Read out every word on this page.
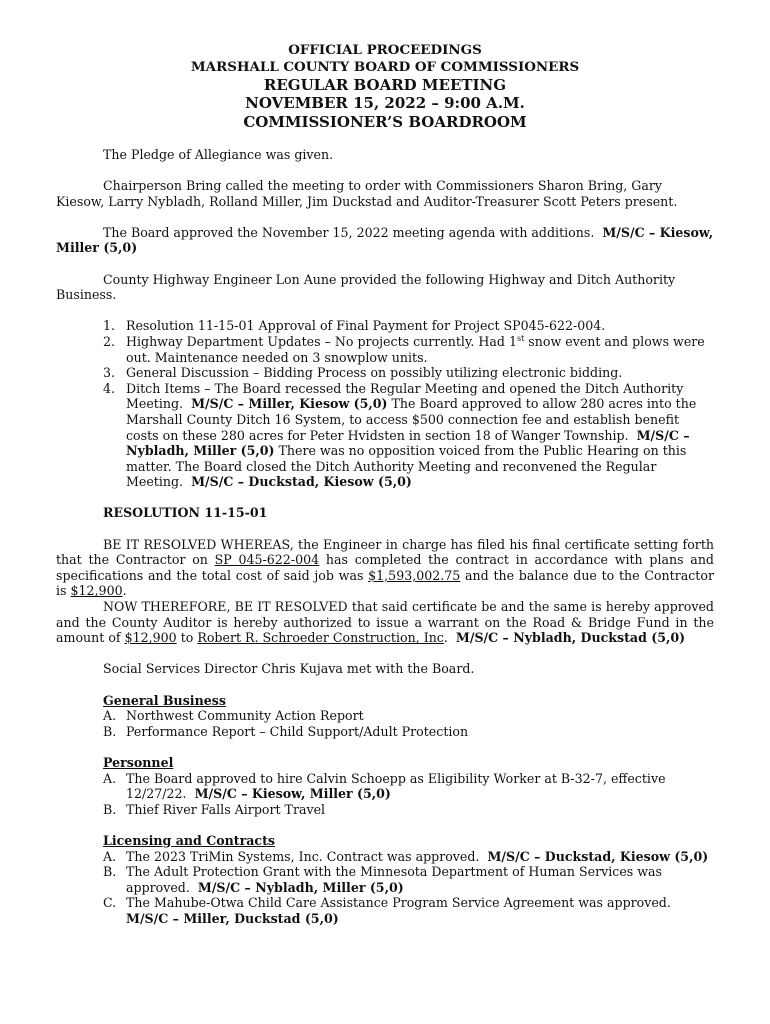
OFFICIAL PROCEEDINGS
MARSHALL COUNTY BOARD OF COMMISSIONERS
REGULAR BOARD MEETING
NOVEMBER 15, 2022 – 9:00 A.M.
COMMISSIONER’S BOARDROOM

The Pledge of Allegiance was given.

Chairperson Bring called the meeting to order with Commissioners Sharon Bring, Gary Kiesow, Larry Nybladh, Rolland Miller, Jim Duckstad and Auditor-Treasurer Scott Peters present.

The Board approved the November 15, 2022 meeting agenda with additions. M/S/C – Kiesow, Miller (5,0)

County Highway Engineer Lon Aune provided the following Highway and Ditch Authority Business.

1. Resolution 11-15-01 Approval of Final Payment for Project SP045-622-004.
2. Highway Department Updates – No projects currently. Had 1st snow event and plows were out. Maintenance needed on 3 snowplow units.
3. General Discussion – Bidding Process on possibly utilizing electronic bidding.
4. Ditch Items – The Board recessed the Regular Meeting and opened the Ditch Authority Meeting. M/S/C – Miller, Kiesow (5,0) The Board approved to allow 280 acres into the Marshall County Ditch 16 System, to access $500 connection fee and establish benefit costs on these 280 acres for Peter Hvidsten in section 18 of Wanger Township. M/S/C – Nybladh, Miller (5,0) There was no opposition voiced from the Public Hearing on this matter. The Board closed the Ditch Authority Meeting and reconvened the Regular Meeting. M/S/C – Duckstad, Kiesow (5,0)

RESOLUTION 11-15-01

BE IT RESOLVED WHEREAS, the Engineer in charge has filed his final certificate setting forth that the Contractor on SP 045-622-004 has completed the contract in accordance with plans and specifications and the total cost of said job was $1,593,002.75 and the balance due to the Contractor is $12,900.

NOW THEREFORE, BE IT RESOLVED that said certificate be and the same is hereby approved and the County Auditor is hereby authorized to issue a warrant on the Road & Bridge Fund in the amount of $12,900 to Robert R. Schroeder Construction, Inc. M/S/C – Nybladh, Duckstad (5,0)

Social Services Director Chris Kujava met with the Board.

General Business
A. Northwest Community Action Report
B. Performance Report – Child Support/Adult Protection
Personnel
A. The Board approved to hire Calvin Schoepp as Eligibility Worker at B-32-7, effective 12/27/22. M/S/C – Kiesow, Miller (5,0)
B. Thief River Falls Airport Travel
Licensing and Contracts
A. The 2023 TriMin Systems, Inc. Contract was approved. M/S/C – Duckstad, Kiesow (5,0)
B. The Adult Protection Grant with the Minnesota Department of Human Services was approved. M/S/C – Nybladh, Miller (5,0)
C. The Mahube-Otwa Child Care Assistance Program Service Agreement was approved. M/S/C – Miller, Duckstad (5,0)
